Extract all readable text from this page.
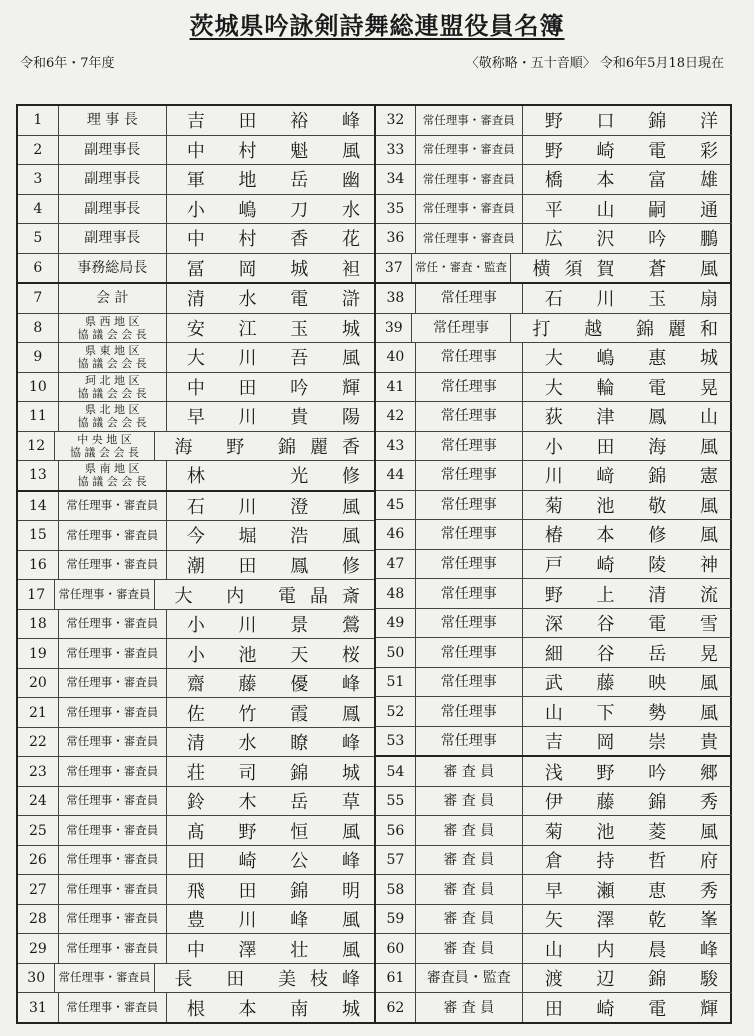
茨城県吟詠剣詩舞総連盟役員名簿
令和6年・7年度	〈敬称略・五十音順〉 令和6年5月18日現在
1	理 事 長	吉 田 裕 峰
2	副理事長	中 村 魁 風
3	副理事長	軍 地 岳 幽
4	副理事長	小 嶋 刀 水
5	副理事長	中 村 香 花
6	事務総局長	冨 岡 城 袒
7	会 計	清 水 電 滸
8	県 西 地 区
協 議 会 会 長	安 江 玉 城
9	県 東 地 区
協 議 会 会 長	大 川 吾 風
10	珂 北 地 区
協 議 会 会 長	中 田 吟 輝
11	県 北 地 区
協 議 会 会 長	早 川 貴 陽
12	中 央 地 区
協 議 会 会 長	海 野 錦麗香
13	県 南 地 区
協 議 会 会 長	林 　 光 修
14	常任理事・審査員	石 川 澄 風
15	常任理事・審査員	今 堀 浩 風
16	常任理事・審査員	潮 田 鳳 修
17	常任理事・審査員	大 内 電晶斎
18	常任理事・審査員	小 川 景 鶯
19	常任理事・審査員	小 池 天 桜
20	常任理事・審査員	齋 藤 優 峰
21	常任理事・審査員	佐 竹 霞 鳳
22	常任理事・審査員	清 水 瞭 峰
23	常任理事・審査員	荘 司 錦 城
24	常任理事・審査員	鈴 木 岳 草
25	常任理事・審査員	髙 野 恒 風
26	常任理事・審査員	田 崎 公 峰
27	常任理事・審査員	飛 田 錦 明
28	常任理事・審査員	豊 川 峰 風
29	常任理事・審査員	中 澤 壮 風
30	常任理事・審査員	長 田 美枝峰
31	常任理事・審査員	根 本 南 城
32	常任理事・審査員	野 口 錦 洋
33	常任理事・審査員	野 崎 電 彩
34	常任理事・審査員	橋 本 富 雄
35	常任理事・審査員	平 山 嗣 通
36	常任理事・審査員	広 沢 吟 鵬
37	常任・審査・監査	横須賀 蒼 風
38	常任理事	石 川 玉 扇
39	常任理事	打 越 錦麗和
40	常任理事	大 嶋 惠 城
41	常任理事	大 輪 電 晃
42	常任理事	荻 津 鳳 山
43	常任理事	小 田 海 風
44	常任理事	川 﨑 錦 憲
45	常任理事	菊 池 敬 風
46	常任理事	椿 本 修 風
47	常任理事	戸 崎 陵 神
48	常任理事	野 上 清 流
49	常任理事	深 谷 電 雪
50	常任理事	細 谷 岳 晃
51	常任理事	武 藤 映 風
52	常任理事	山 下 勢 風
53	常任理事	吉 岡 崇 貴
54	審 査 員	浅 野 吟 郷
55	審 査 員	伊 藤 錦 秀
56	審 査 員	菊 池 菱 風
57	審 査 員	倉 持 哲 府
58	審 査 員	早 瀬 恵 秀
59	審 査 員	矢 澤 乾 峯
60	審 査 員	山 内 晨 峰
61	審査員・監査	渡 辺 錦 駿
62	審 査 員	田 崎 電 輝
